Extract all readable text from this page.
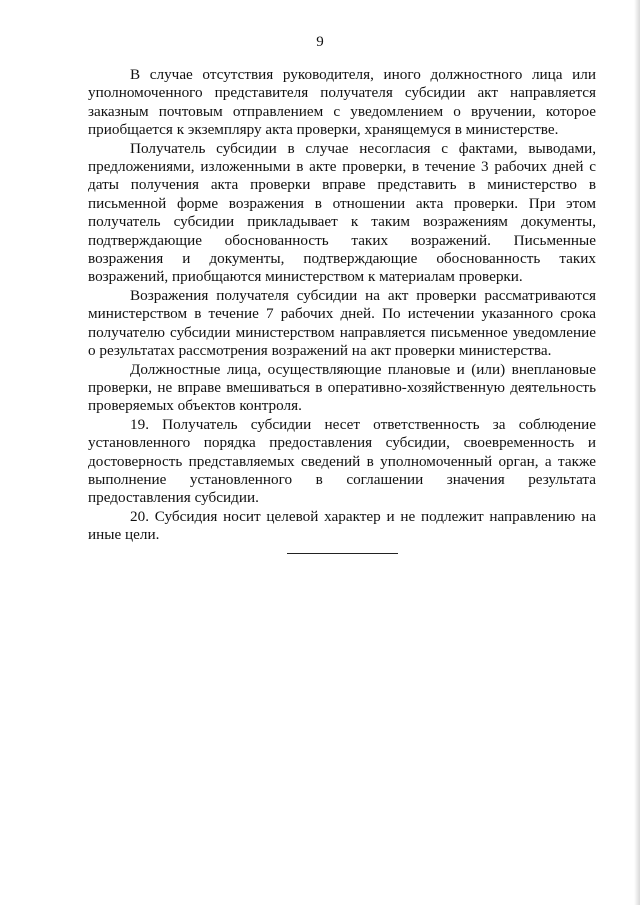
9

В случае отсутствия руководителя, иного должностного лица или уполномоченного представителя получателя субсидии акт направляется заказным почтовым отправлением с уведомлением о вручении, которое приобщается к экземпляру акта проверки, хранящемуся в министерстве.

Получатель субсидии в случае несогласия с фактами, выводами, предложениями, изложенными в акте проверки, в течение 3 рабочих дней с даты получения акта проверки вправе представить в министерство в письменной форме возражения в отношении акта проверки. При этом получатель субсидии прикладывает к таким возражениям документы, подтверждающие обоснованность таких возражений. Письменные возражения и документы, подтверждающие обоснованность таких возражений, приобщаются министерством к материалам проверки.

Возражения получателя субсидии на акт проверки рассматриваются министерством в течение 7 рабочих дней. По истечении указанного срока получателю субсидии министерством направляется письменное уведомление о результатах рассмотрения возражений на акт проверки министерства.

Должностные лица, осуществляющие плановые и (или) внеплановые проверки, не вправе вмешиваться в оперативно-хозяйственную деятельность проверяемых объектов контроля.

19. Получатель субсидии несет ответственность за соблюдение установленного порядка предоставления субсидии, своевременность и достоверность представляемых сведений в уполномоченный орган, а также выполнение установленного в соглашении значения результата предоставления субсидии.

20. Субсидия носит целевой характер и не подлежит направлению на иные цели.
